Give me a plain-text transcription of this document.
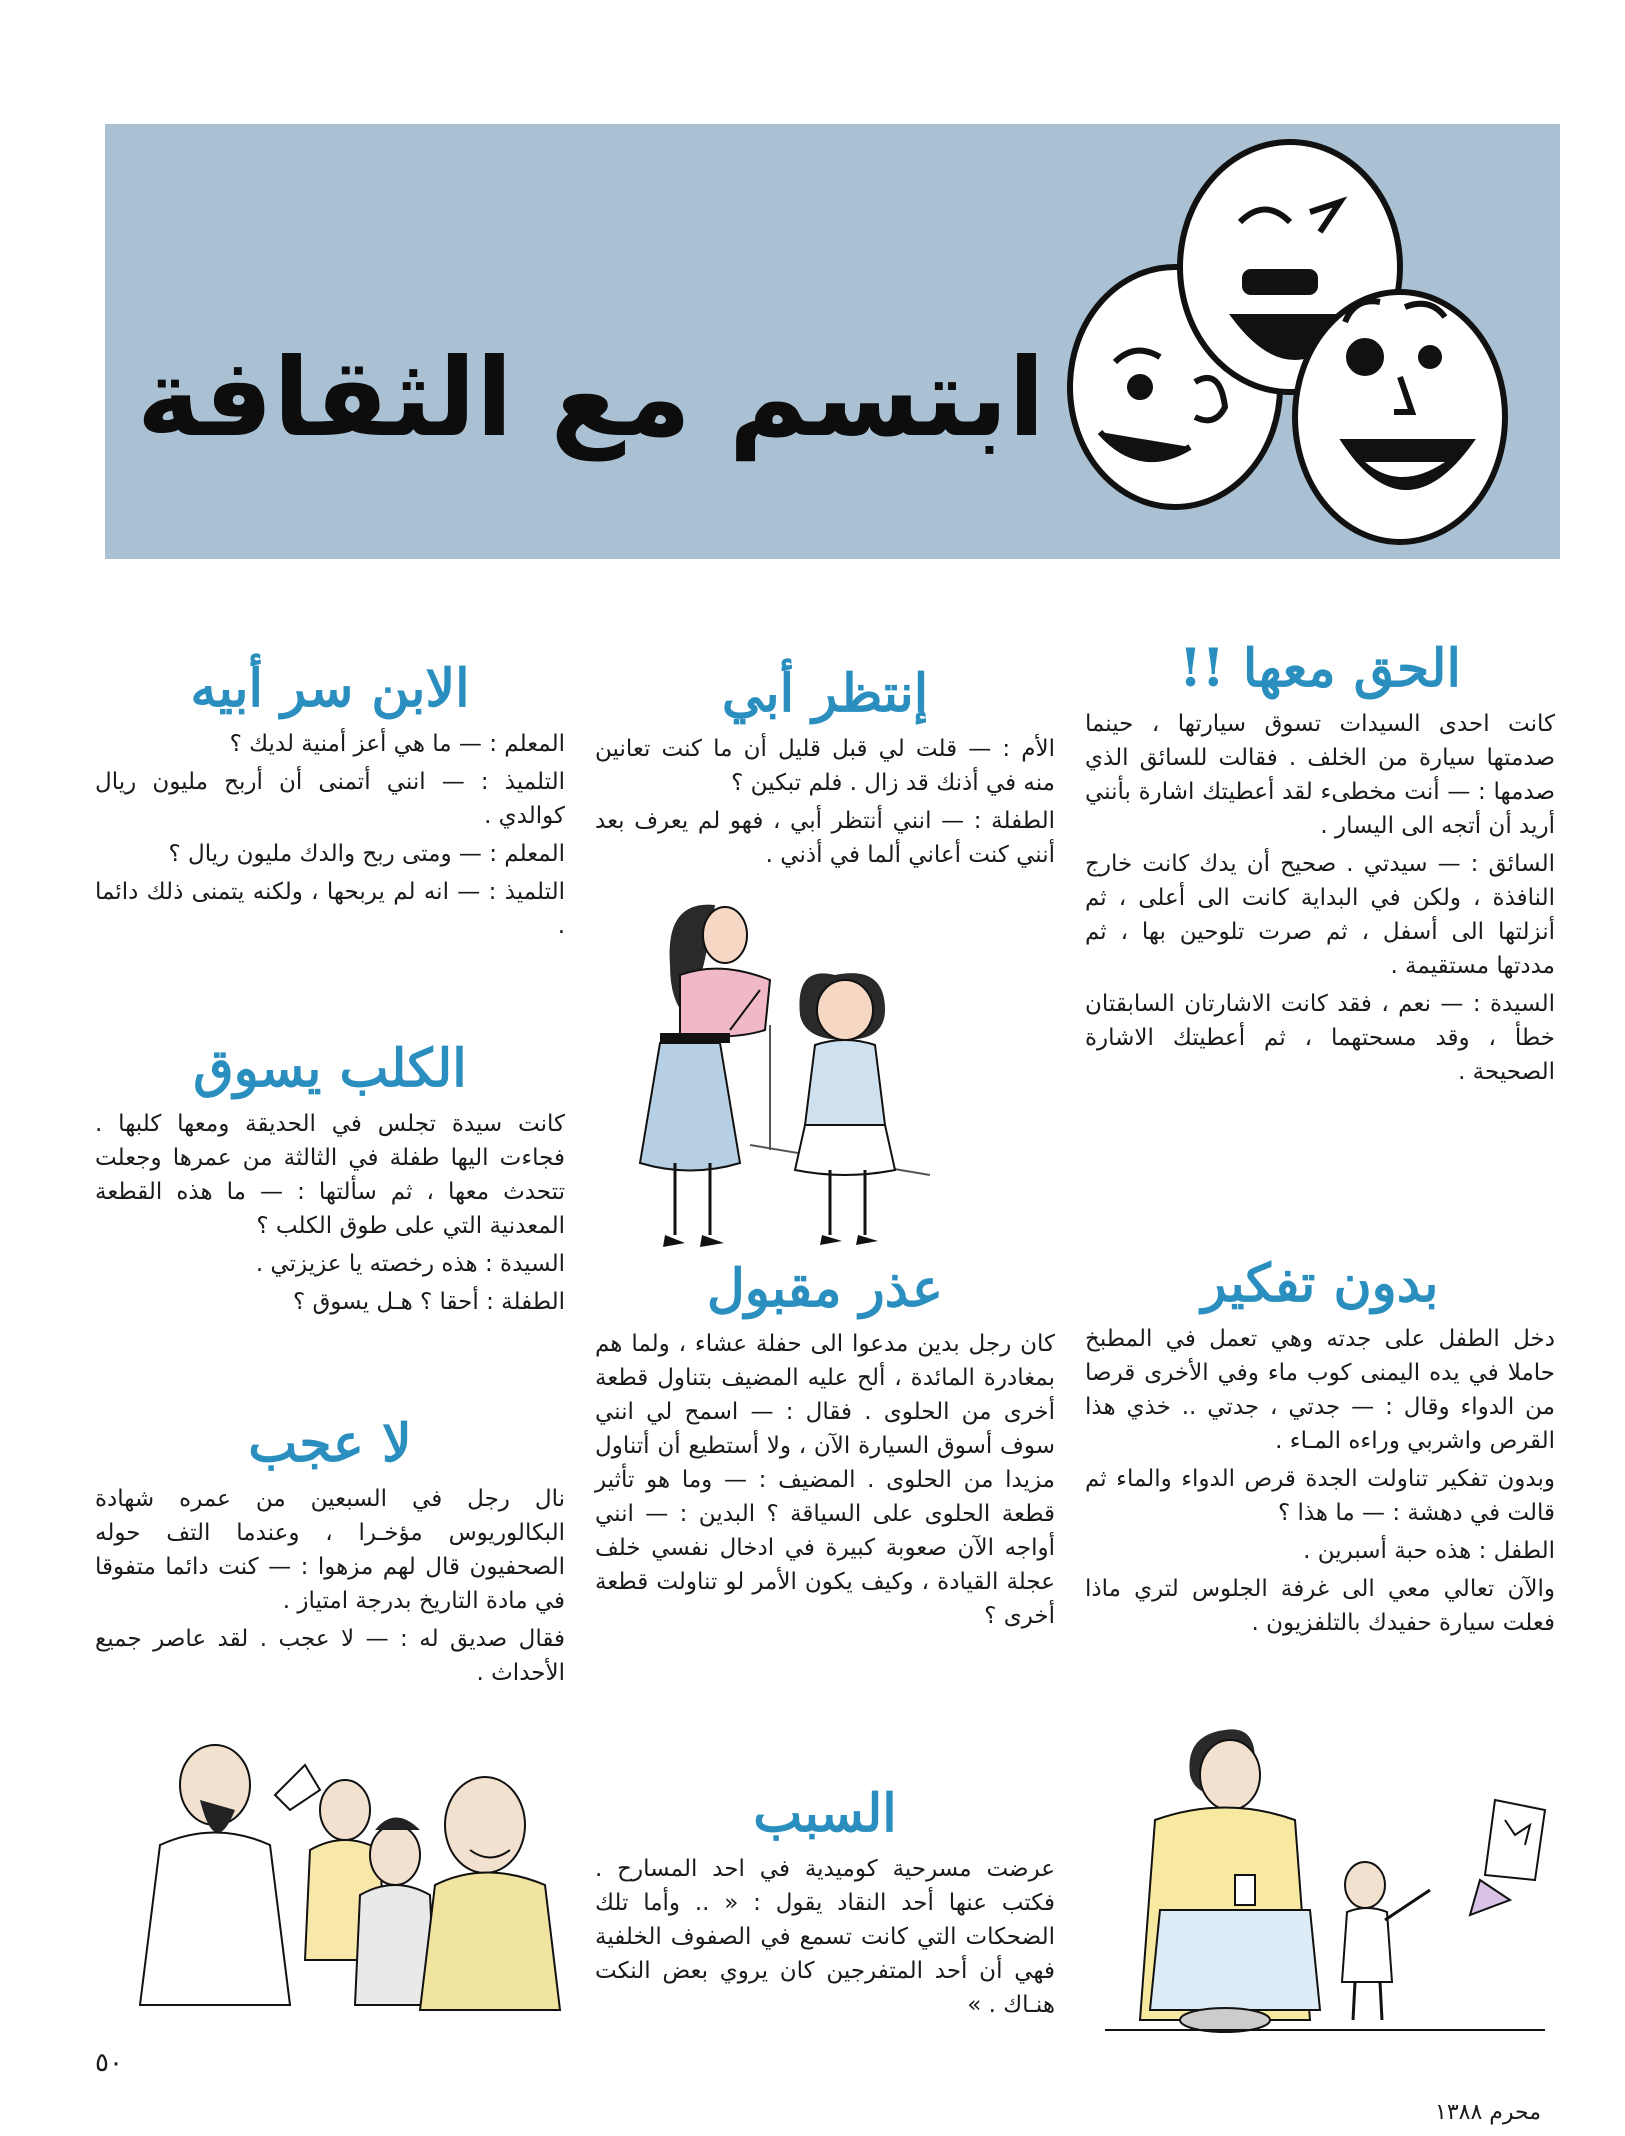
ابتسم مع الثقافة
الحق معها !!

كانت احدى السيدات تسوق سيارتها ، حينما صدمتها سيارة من الخلف . فقالت للسائق الذي صدمها : — أنت مخطىء لقد أعطيتك اشارة بأنني أريد أن أتجه الى اليسار .

السائق : — سيدتي . صحيح أن يدك كانت خارج النافذة ، ولكن في البداية كانت الى أعلى ، ثم أنزلتها الى أسفل ، ثم صرت تلوحين بها ، ثم مددتها مستقيمة .

السيدة : — نعم ، فقد كانت الاشارتان السابقتان خطأ ، وقد مسحتهما ، ثم أعطيتك الاشارة الصحيحة .

بدون تفكير

دخل الطفل على جدته وهي تعمل في المطبخ حاملا في يده اليمنى كوب ماء وفي الأخرى قرصا من الدواء وقال : — جدتي ، جدتي .. خذي هذا القرص واشربي وراءه المـاء .

وبدون تفكير تناولت الجدة قرص الدواء والماء ثم قالت في دهشة : — ما هذا ؟

الطفل : هذه حبة أسبرين .

والآن تعالي معي الى غرفة الجلوس لتري ماذا فعلت سيارة حفيدك بالتلفزيون .

إنتظر أبي

الأم : — قلت لي قبل قليل أن ما كنت تعانين منه في أذنك قد زال . فلم تبكين ؟

الطفلة : — انني أنتظر أبي ، فهو لم يعرف بعد أنني كنت أعاني ألما في أذني .

عذر مقبول

كان رجل بدين مدعوا الى حفلة عشاء ، ولما هم بمغادرة المائدة ، ألح عليه المضيف بتناول قطعة أخرى من الحلوى . فقال : — اسمح لي انني سوف أسوق السيارة الآن ، ولا أستطيع أن أتناول مزيدا من الحلوى . المضيف : — وما هو تأثير قطعة الحلوى على السياقة ؟ البدين : — انني أواجه الآن صعوبة كبيرة في ادخال نفسي خلف عجلة القيادة ، وكيف يكون الأمر لو تناولت قطعة أخرى ؟

السبب

عرضت مسرحية كوميدية في احد المسارح . فكتب عنها أحد النقاد يقول : « .. وأما تلك الضحكات التي كانت تسمع في الصفوف الخلفية فهي أن أحد المتفرجين كان يروي بعض النكت هنـاك . »

الابن سر أبيه

المعلم : — ما هي أعز أمنية لديك ؟

التلميذ : — انني أتمنى أن أربح مليون ريال كوالدي .

المعلم : — ومتى ربح والدك مليون ريال ؟

التلميذ : — انه لم يربحها ، ولكنه يتمنى ذلك دائما .

الكلب يسوق

كانت سيدة تجلس في الحديقة ومعها كلبها . فجاءت اليها طفلة في الثالثة من عمرها وجعلت تتحدث معها ، ثم سألتها : — ما هذه القطعة المعدنية التي على طوق الكلب ؟

السيدة : هذه رخصته يا عزيزتي .

الطفلة : أحقا ؟ هـل يسوق ؟

لا عجب

نال رجل في السبعين من عمره شهادة البكالوريوس مؤخـرا ، وعندما التف حوله الصحفيون قال لهم مزهوا : — كنت دائما متفوقا في مادة التاريخ بدرجة امتياز .

فقال صديق له : — لا عجب . لقد عاصر جميع الأحداث .

٥٠
محرم ١٣٨٨
